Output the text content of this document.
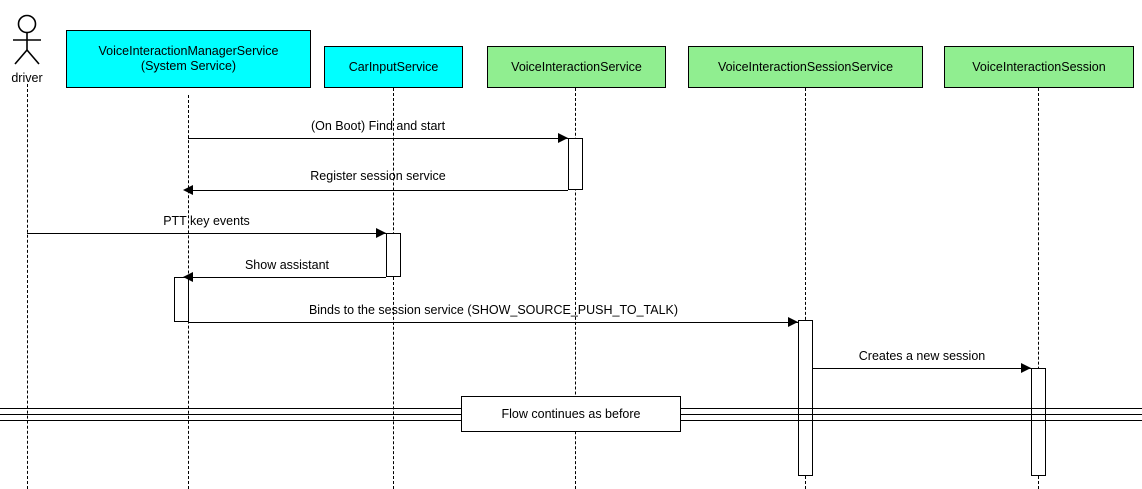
driver
VoiceInteractionManagerService
(System Service)	CarInputService	VoiceInteractionService	VoiceInteractionSessionService	VoiceInteractionSession
(On Boot) Find and start
Register session service
PTT key events
Show assistant
Binds to the session service (SHOW_SOURCE_PUSH_TO_TALK)
Creates a new session
Flow continues as before
